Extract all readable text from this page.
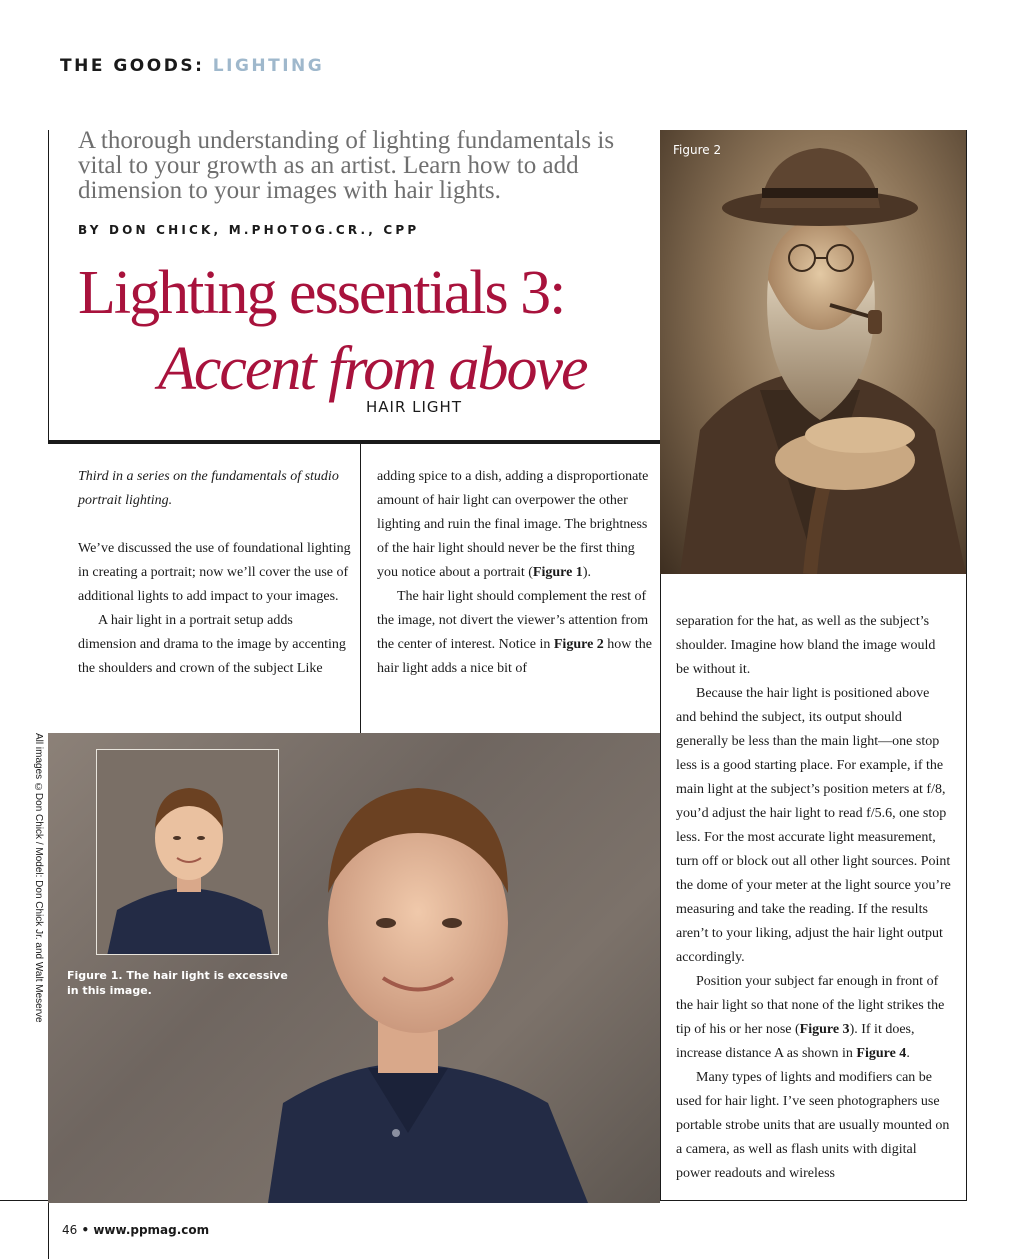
THE GOODS: LIGHTING
A thorough understanding of lighting fundamentals is vital to your growth as an artist. Learn how to add dimension to your images with hair lights.
BY DON CHICK, M.PHOTOG.CR., CPP
Lighting essentials 3:
Accent from above
HAIR LIGHT

Third in a series on the fundamentals of studio portrait lighting.

We’ve discussed the use of foundational lighting in creating a portrait; now we’ll cover the use of additional lights to add impact to your images.

A hair light in a portrait setup adds dimension and drama to the image by accenting the shoulders and crown of the subject Like

adding spice to a dish, adding a disproportionate amount of hair light can overpower the other lighting and ruin the final image. The brightness of the hair light should never be the first thing you notice about a portrait (Figure 1).

The hair light should complement the rest of the image, not divert the viewer’s attention from the center of interest. Notice in Figure 2 how the hair light adds a nice bit of

separation for the hat, as well as the subject’s shoulder. Imagine how bland the image would be without it.

Because the hair light is positioned above and behind the subject, its output should generally be less than the main light—one stop less is a good starting place. For example, if the main light at the subject’s position meters at f/8, you’d adjust the hair light to read f/5.6, one stop less. For the most accurate light measurement, turn off or block out all other light sources. Point the dome of your meter at the light source you’re measuring and take the reading. If the results aren’t to your liking, adjust the hair light output accordingly.

Position your subject far enough in front of the hair light so that none of the light strikes the tip of his or her nose (Figure 3). If it does, increase distance A as shown in Figure 4.

Many types of lights and modifiers can be used for hair light. I’ve seen photographers use portable strobe units that are usually mounted on a camera, as well as flash units with digital power readouts and wireless

Figure 2
Figure 1. The hair light is excessive in this image.
All images ©Don Chick / Model: Don Chick Jr. and Walt Meserve
46 • www.ppmag.com
